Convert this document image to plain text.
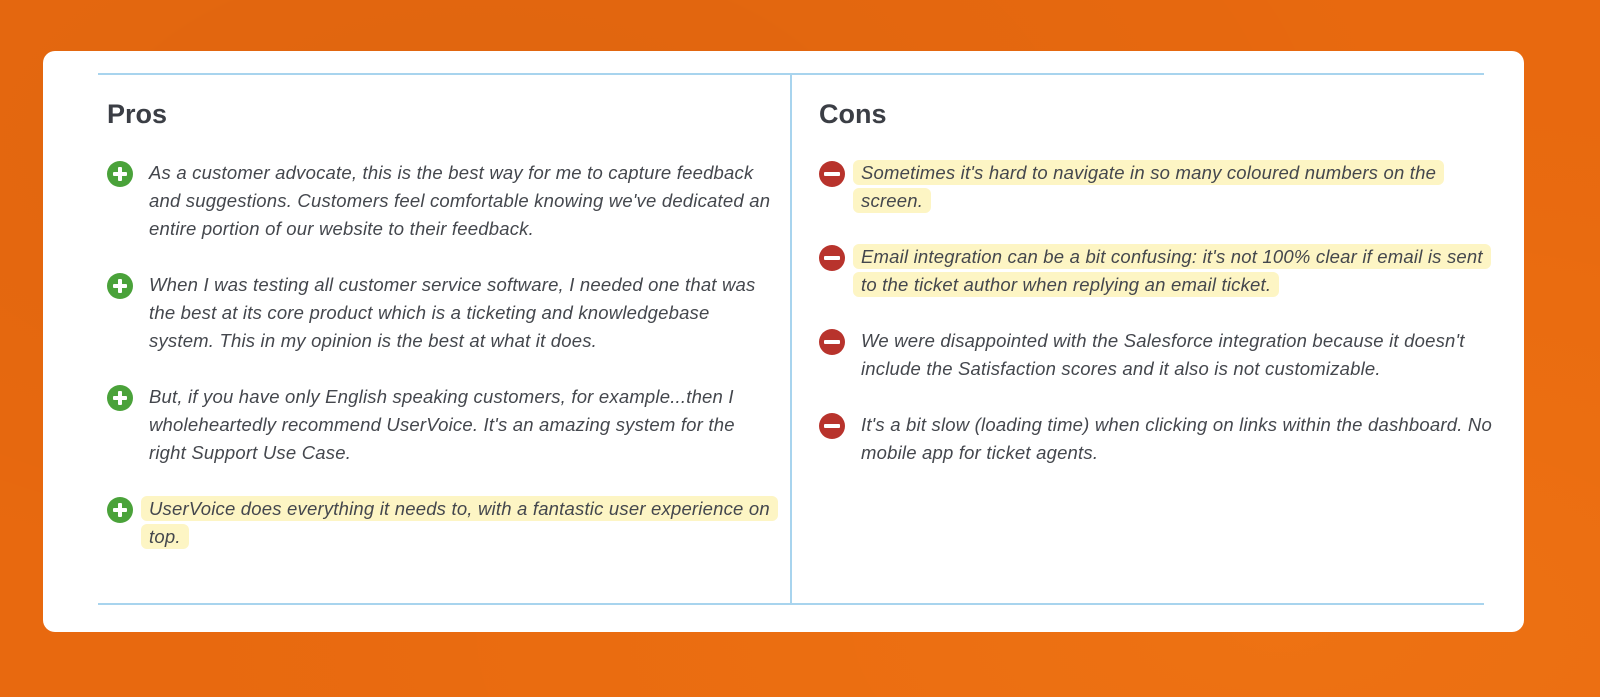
Pros
As a customer advocate, this is the best way for me to capture feedback and suggestions. Customers feel comfortable knowing we've dedicated an entire portion of our website to their feedback.
When I was testing all customer service software, I needed one that was the best at its core product which is a ticketing and knowledgebase system. This in my opinion is the best at what it does.
But, if you have only English speaking customers, for example...then I wholeheartedly recommend UserVoice. It's an amazing system for the right Support Use Case.
UserVoice does everything it needs to, with a fantastic user experience on top.
Cons
Sometimes it's hard to navigate in so many coloured numbers on the screen.
Email integration can be a bit confusing: it's not 100% clear if email is sent to the ticket author when replying an email ticket.
We were disappointed with the Salesforce integration because it doesn't include the Satisfaction scores and it also is not customizable.
It's a bit slow (loading time) when clicking on links within the dashboard. No mobile app for ticket agents.
